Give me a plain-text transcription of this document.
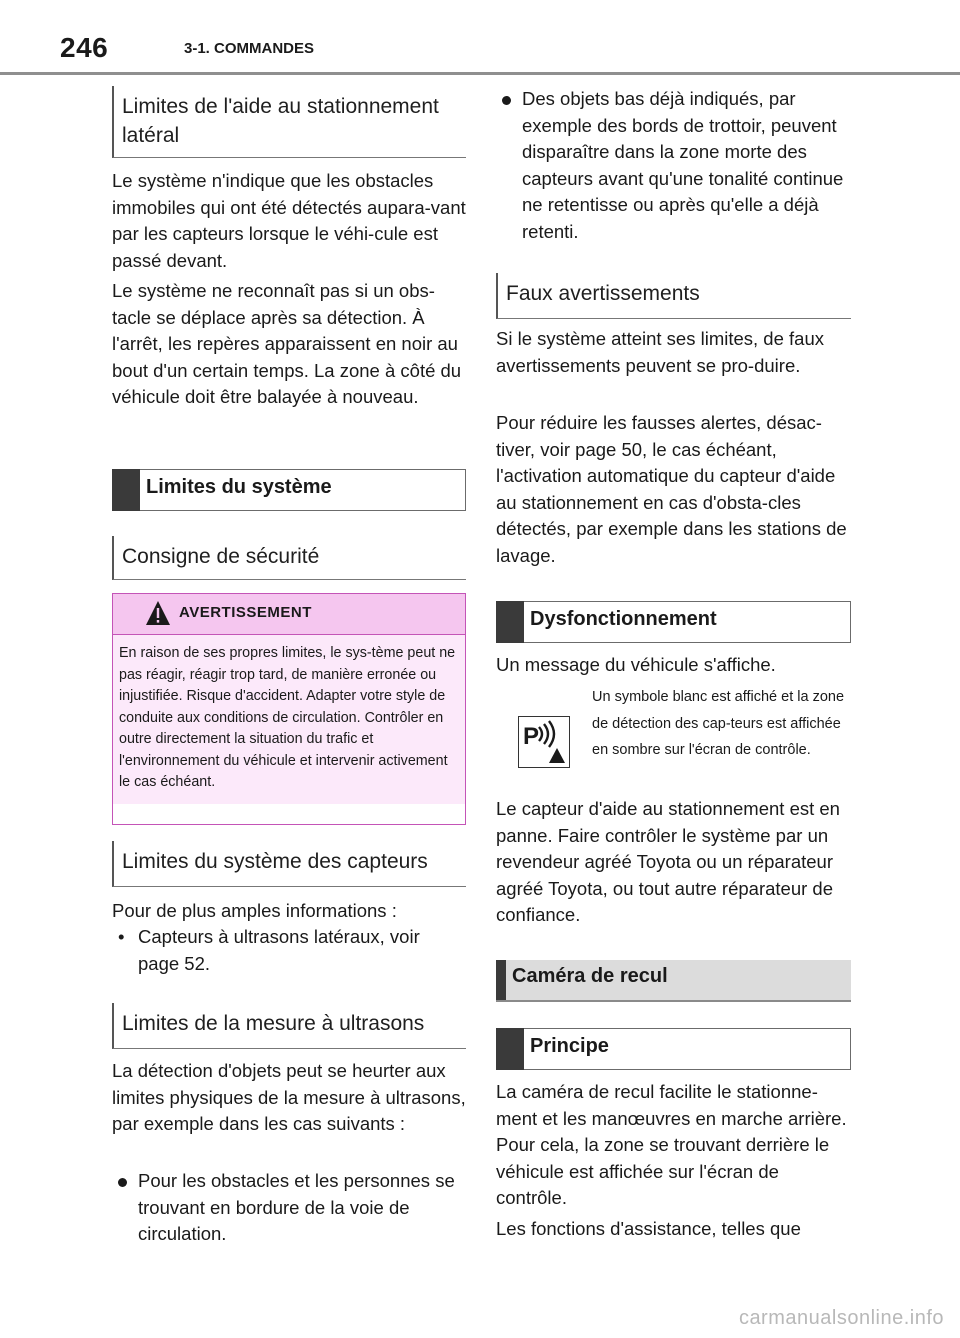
246	3-1. COMMANDES
Limites de l'aide au stationnement latéral

Le système n'indique que les obstacles immobiles qui ont été détectés aupara-vant par les capteurs lorsque le véhi-cule est passé devant.

Le système ne reconnaît pas si un obs-tacle se déplace après sa détection. À l'arrêt, les repères apparaissent en noir au bout d'un certain temps. La zone à côté du véhicule doit être balayée à nouveau.

Limites du système
Consigne de sécurité
AVERTISSEMENT
En raison de ses propres limites, le sys-tème peut ne pas réagir, réagir trop tard, de manière erronée ou injustifiée. Risque d'accident. Adapter votre style de conduite aux conditions de circulation. Contrôler en outre directement la situation du trafic et l'environnement du véhicule et intervenir activement le cas échéant.
Limites du système des capteurs

Pour de plus amples informations :

• Capteurs à ultrasons latéraux, voir page 52.
Limites de la mesure à ultrasons

La détection d'objets peut se heurter aux limites physiques de la mesure à ultrasons, par exemple dans les cas suivants :

Pour les obstacles et les personnes se trouvant en bordure de la voie de circulation.
Des objets bas déjà indiqués, par exemple des bords de trottoir, peuvent disparaître dans la zone morte des capteurs avant qu'une tonalité continue ne retentisse ou après qu'elle a déjà retenti.
Faux avertissements

Si le système atteint ses limites, de faux avertissements peuvent se pro-duire.

Pour réduire les fausses alertes, désac-tiver, voir page 50, le cas échéant, l'activation automatique du capteur d'aide au stationnement en cas d'obsta-cles détectés, par exemple dans les stations de lavage.

Dysfonctionnement

Un message du véhicule s'affiche.

P
Un symbole blanc est affiché et la zone de détection des cap-teurs est affichée en sombre sur l'écran de contrôle.

Le capteur d'aide au stationnement est en panne. Faire contrôler le système par un revendeur agréé Toyota ou un réparateur agréé Toyota, ou tout autre réparateur de confiance.

Caméra de recul
Principe

La caméra de recul facilite le stationne-ment et les manœuvres en marche arrière. Pour cela, la zone se trouvant derrière le véhicule est affichée sur l'écran de contrôle.

Les fonctions d'assistance, telles que

carmanualsonline.info
